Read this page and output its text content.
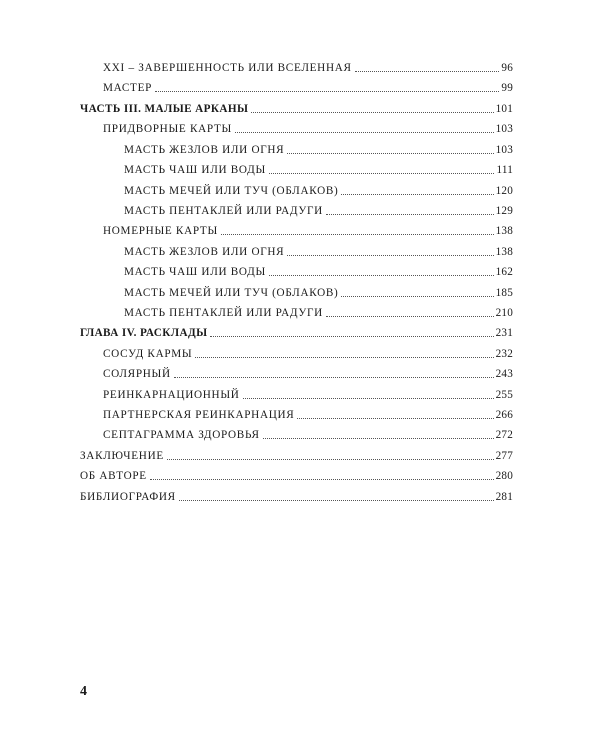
XXI – ЗАВЕРШЕННОСТЬ ИЛИ ВСЕЛЕННАЯ	96
МАСТЕР	99
ЧАСТЬ III. МАЛЫЕ АРКАНЫ	101
ПРИДВОРНЫЕ КАРТЫ	103
МАСТЬ ЖЕЗЛОВ ИЛИ ОГНЯ	103
МАСТЬ ЧАШ ИЛИ ВОДЫ	111
МАСТЬ МЕЧЕЙ ИЛИ ТУЧ (ОБЛАКОВ)	120
МАСТЬ ПЕНТАКЛЕЙ ИЛИ РАДУГИ	129
НОМЕРНЫЕ КАРТЫ	138
МАСТЬ ЖЕЗЛОВ ИЛИ ОГНЯ	138
МАСТЬ ЧАШ ИЛИ ВОДЫ	162
МАСТЬ МЕЧЕЙ ИЛИ ТУЧ (ОБЛАКОВ)	185
МАСТЬ ПЕНТАКЛЕЙ ИЛИ РАДУГИ	210
ГЛАВА IV. РАСКЛАДЫ	231
СОСУД КАРМЫ	232
СОЛЯРНЫЙ	243
РЕИНКАРНАЦИОННЫЙ	255
ПАРТНЕРСКАЯ РЕИНКАРНАЦИЯ	266
СЕПТАГРАММА ЗДОРОВЬЯ	272
ЗАКЛЮЧЕНИЕ	277
ОБ АВТОРЕ	280
БИБЛИОГРАФИЯ	281
4
